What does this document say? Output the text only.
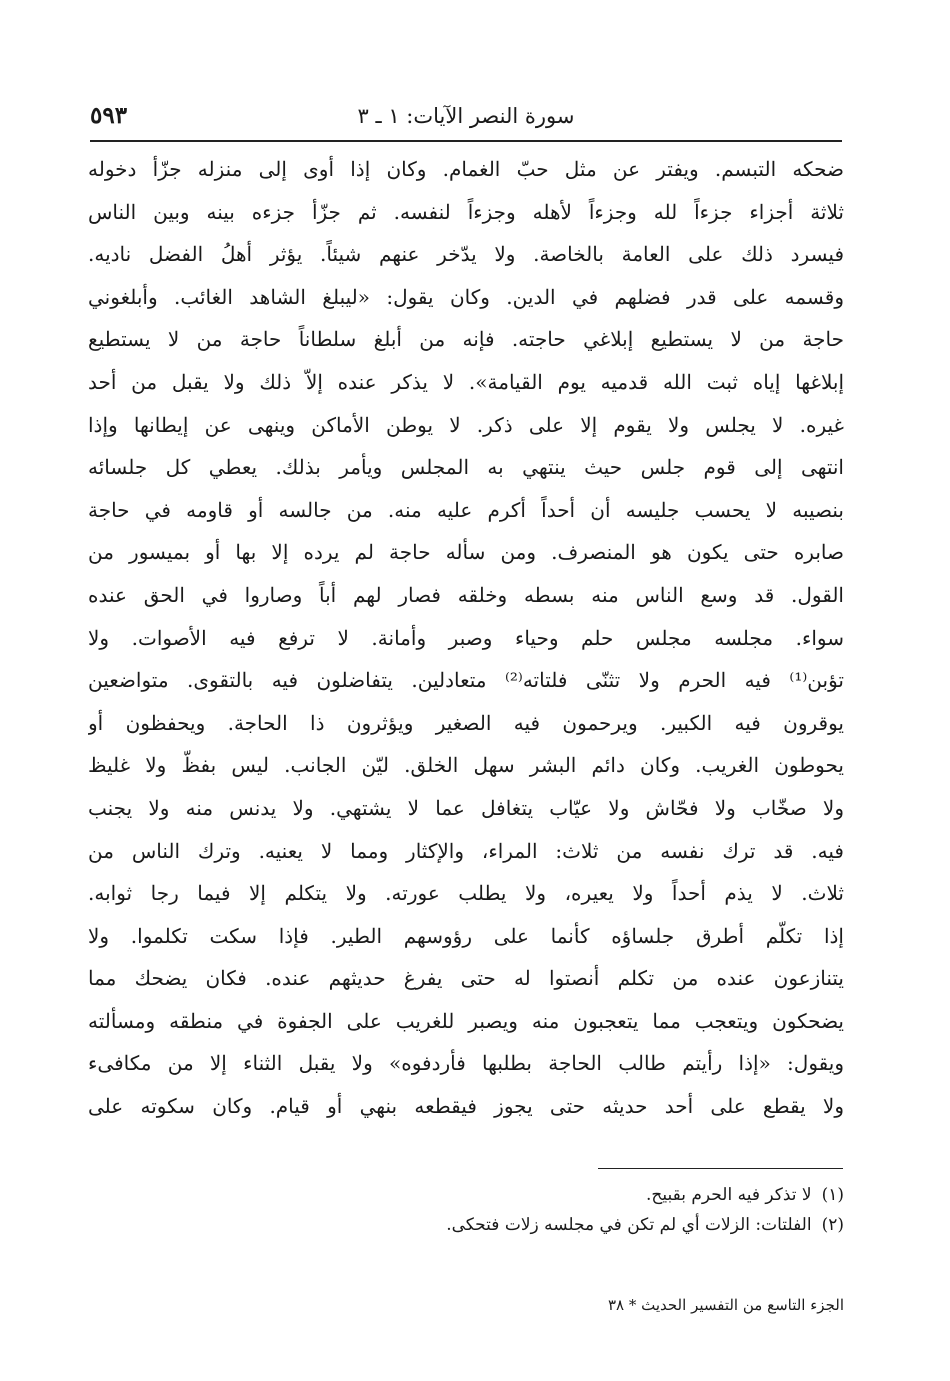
سورة النصر الآيات: ١ ـ ٣
٥٩٣
ضحكه التبسم. ويفتر عن مثل حبّ الغمام. وكان إذا أوى إلى منزله جزّأ دخوله
ثلاثة أجزاء جزءاً لله وجزءاً لأهله وجزءاً لنفسه. ثم جزّأ جزءه بينه وبين الناس
فيسرد ذلك على العامة بالخاصة. ولا يدّخر عنهم شيئاً. يؤثر أهلُ الفضل ناديه.
وقسمه على قدر فضلهم في الدين. وكان يقول: «ليبلغ الشاهد الغائب. وأبلغوني
حاجة من لا يستطيع إبلاغي حاجته. فإنه من أبلغ سلطاناً حاجة من لا يستطيع
إبلاغها إياه ثبت الله قدميه يوم القيامة». لا يذكر عنده إلاّ ذلك ولا يقبل من أحد
غيره. لا يجلس ولا يقوم إلا على ذكر. لا يوطن الأماكن وينهى عن إيطانها وإذا
انتهى إلى قوم جلس حيث ينتهي به المجلس ويأمر بذلك. يعطي كل جلسائه
بنصيبه لا يحسب جليسه أن أحداً أكرم عليه منه. من جالسه أو قاومه في حاجة
صابره حتى يكون هو المنصرف. ومن سأله حاجة لم يرده إلا بها أو بميسور من
القول. قد وسع الناس منه بسطه وخلقه فصار لهم أباً وصاروا في الحق عنده
سواء. مجلسه مجلس حلم وحياء وصبر وأمانة. لا ترفع فيه الأصوات. ولا
تؤبن⁽¹⁾ فيه الحرم ولا تثنّى فلتاته⁽²⁾ متعادلين. يتفاضلون فيه بالتقوى. متواضعين
يوقرون فيه الكبير. ويرحمون فيه الصغير ويؤثرون ذا الحاجة. ويحفظون أو
يحوطون الغريب. وكان دائم البشر سهل الخلق. ليّن الجانب. ليس بفظّ ولا غليظ
ولا صخّاب ولا فحّاش ولا عيّاب يتغافل عما لا يشتهي. ولا يدنس منه ولا يجنب
فيه. قد ترك نفسه من ثلاث: المراء، والإكثار ومما لا يعنيه. وترك الناس من
ثلاث. لا يذم أحداً ولا يعيره، ولا يطلب عورته. ولا يتكلم إلا فيما رجا ثوابه.
إذا تكلّم أطرق جلساؤه كأنما على رؤوسهم الطير. فإذا سكت تكلموا. ولا
يتنازعون عنده من تكلم أنصتوا له حتى يفرغ حديثهم عنده. فكان يضحك مما
يضحكون ويتعجب مما يتعجبون منه ويصبر للغريب على الجفوة في منطقه ومسألته
ويقول: «إذا رأيتم طالب الحاجة بطلبها فأردفوه» ولا يقبل الثناء إلا من مكافىء
ولا يقطع على أحد حديثه حتى يجوز فيقطعه بنهي أو قيام. وكان سكوته على
(١)لا تذكر فيه الحرم بقبيح.
(٢)الفلتات: الزلات أي لم تكن في مجلسه زلات فتحكى.
الجزء التاسع من التفسير الحديث * ٣٨
